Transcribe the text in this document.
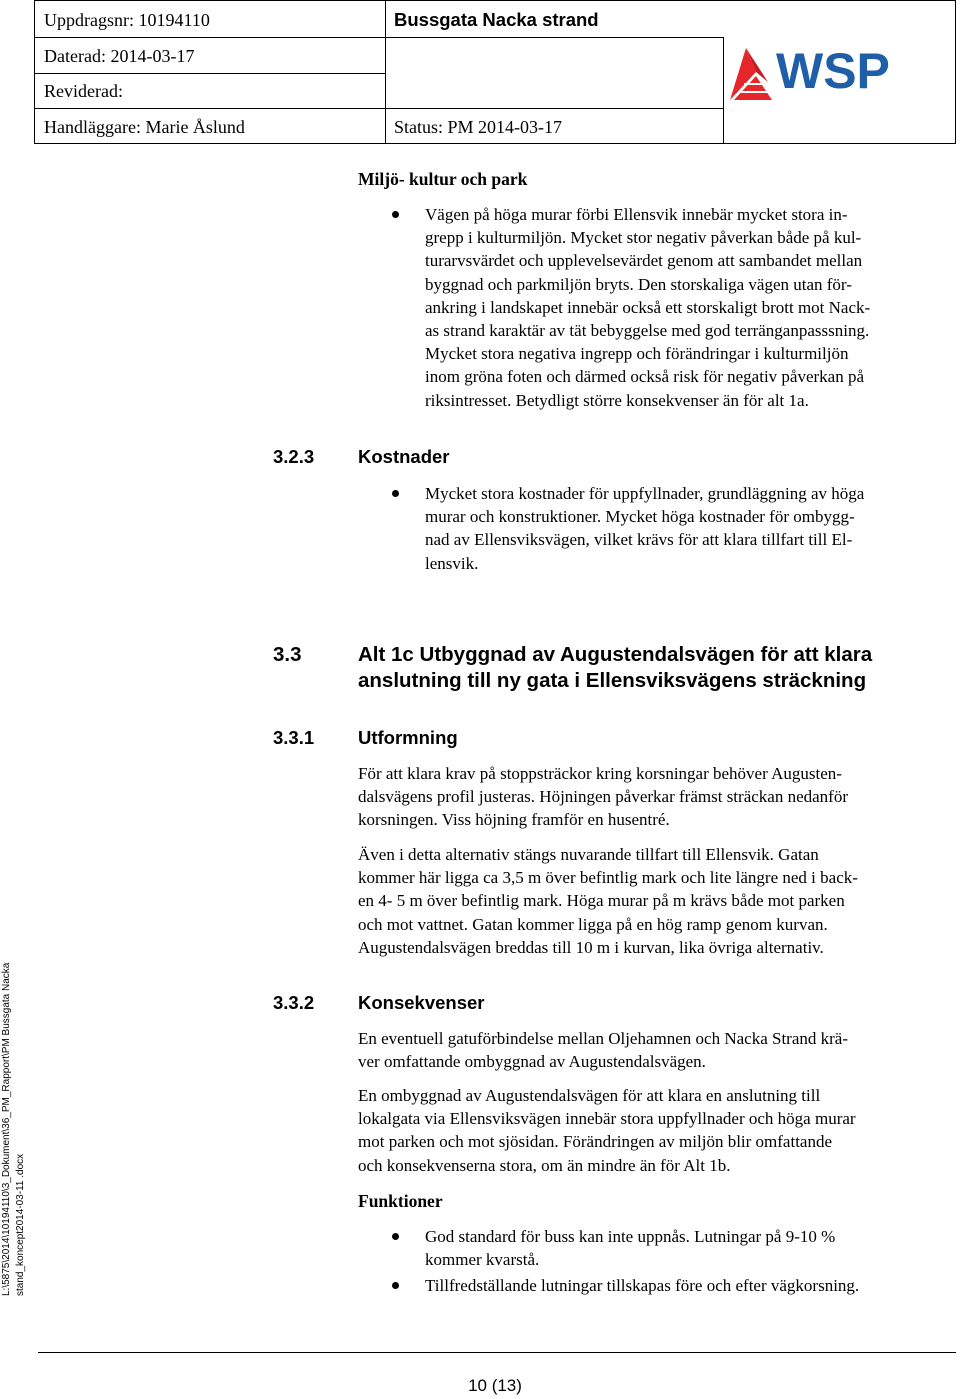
Uppdragsnr: 10194110	Bussgata Nacka strand
Daterad: 2014-03-17
Reviderad:
Handläggare: Marie Åslund	Status: PM 2014-03-17
WSP
L:\5875\2014\10194110\3_Dokument\36_PM_Rapport\PM Bussgata Nacka stand_koncept2014-03-11 .docx
Miljö- kultur och park
Vägen på höga murar förbi Ellensvik innebär mycket stora in-
grepp i kulturmiljön. Mycket stor negativ påverkan både på kul-
turarvsvärdet och upplevelsevärdet genom att sambandet mellan
byggnad och parkmiljön bryts. Den storskaliga vägen utan för-
ankring i landskapet innebär också ett storskaligt brott mot Nack-
as strand karaktär av tät bebyggelse med god terränganpasssning.
Mycket stora negativa ingrepp och förändringar i kulturmiljön
inom gröna foten och därmed också risk för negativ påverkan på
riksintresset. Betydligt större konsekvenser än för alt 1a.
3.2.3 Kostnader
Mycket stora kostnader för uppfyllnader, grundläggning av höga
murar och konstruktioner. Mycket höga kostnader för ombygg-
nad av Ellensviksvägen, vilket krävs för att klara tillfart till El-
lensvik.
3.3	Alt 1c Utbyggnad av Augustendalsvägen för att klara
anslutning till ny gata i Ellensviksvägens sträckning
3.3.1 Utformning
För att klara krav på stoppsträckor kring korsningar behöver Augusten-
dalsvägens profil justeras. Höjningen påverkar främst sträckan nedanför
korsningen. Viss höjning framför en husentré.
Även i detta alternativ stängs nuvarande tillfart till Ellensvik. Gatan
kommer här ligga ca 3,5 m över befintlig mark och lite längre ned i back-
en 4- 5 m över befintlig mark. Höga murar på m krävs både mot parken
och mot vattnet. Gatan kommer ligga på en hög ramp genom kurvan.
Augustendalsvägen breddas till 10 m i kurvan, lika övriga alternativ.
3.3.2 Konsekvenser
En eventuell gatuförbindelse mellan Oljehamnen och Nacka Strand krä-
ver omfattande ombyggnad av Augustendalsvägen.
En ombyggnad av Augustendalsvägen för att klara en anslutning till
lokalgata via Ellensviksvägen innebär stora uppfyllnader och höga murar
mot parken och mot sjösidan. Förändringen av miljön blir omfattande
och konsekvenserna stora, om än mindre än för Alt 1b.
Funktioner
God standard för buss kan inte uppnås. Lutningar på 9-10 %
kommer kvarstå.
Tillfredställande lutningar tillskapas före och efter vägkorsning.
10 (13)
